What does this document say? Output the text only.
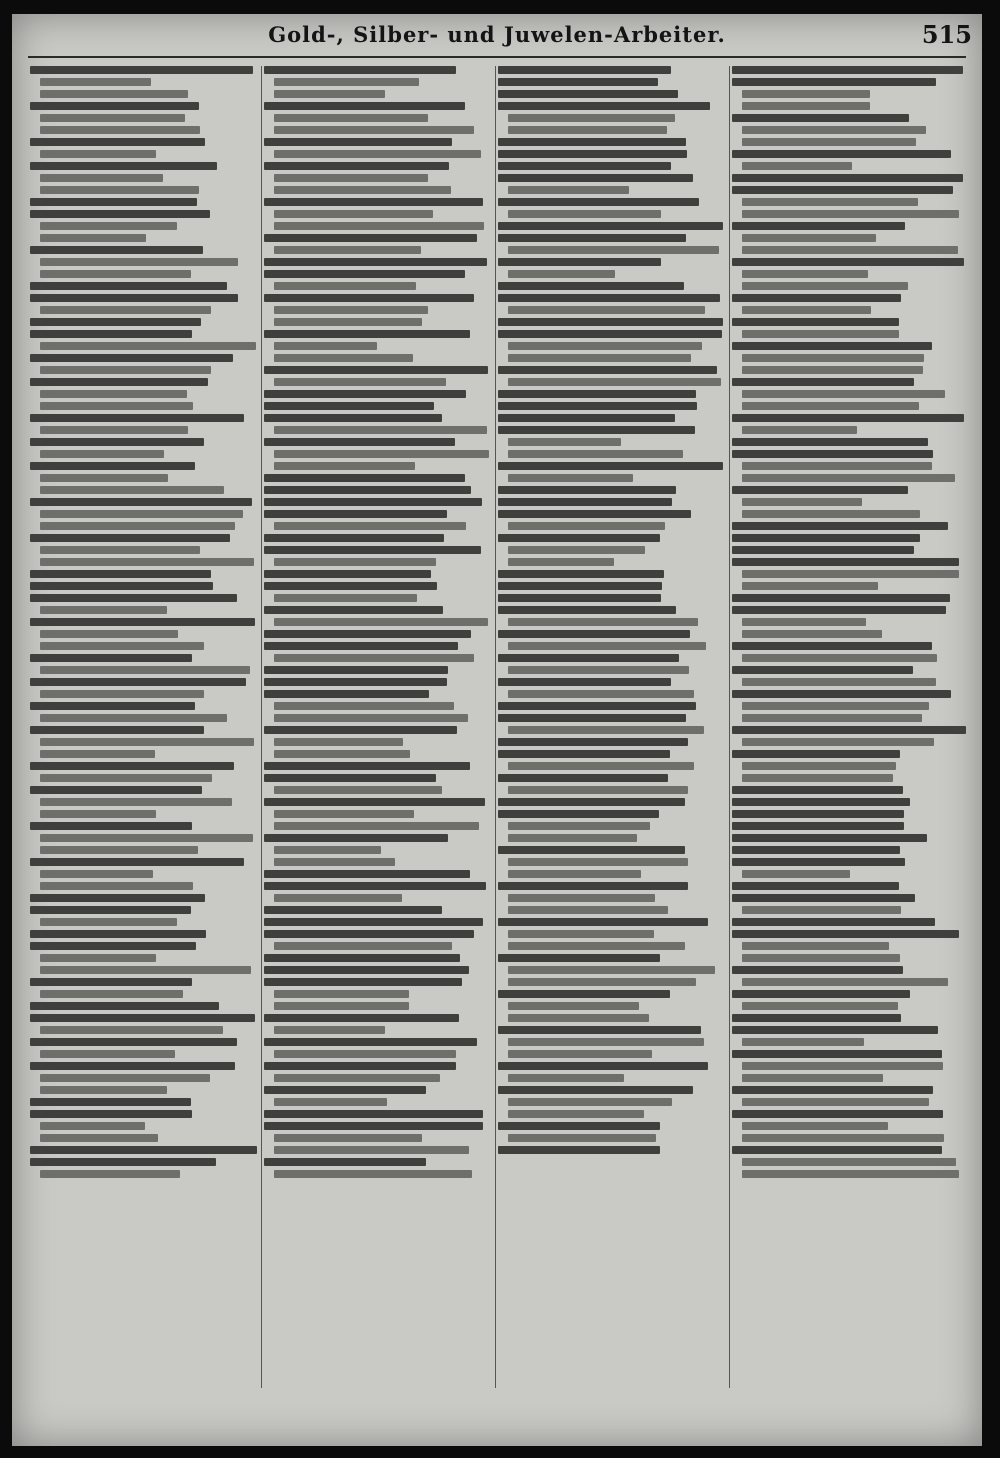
Gold-, Silber- und Juwelen-Arbeiter.	515
